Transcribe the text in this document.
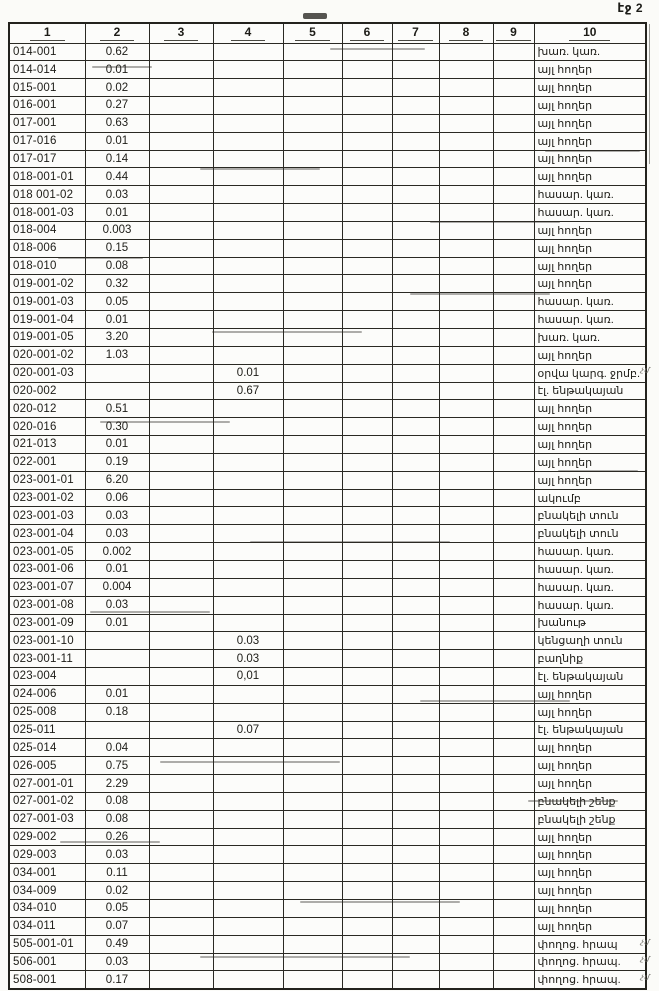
էջ 2
1	2	3	4	5	6	7	8	9	10
014-001	0.62								խառ. կառ.
014-014	0.01								այլ հողեր
015-001	0.02								այլ հողեր
016-001	0.27								այլ հողեր
017-001	0.63								այլ հողեր
017-016	0.01								այլ հողեր
017-017	0.14								այլ հողեր
018-001-01	0.44								այլ հողեր
018 001-02	0.03								հասար. կառ.
018-001-03	0.01								հասար. կառ.
018-004	0.003								այլ հողեր
018-006	0.15								այլ հողեր
018-010	0.08								այլ հողեր
019-001-02	0.32								այլ հողեր
019-001-03	0.05								հասար. կառ.
019-001-04	0.01								հասար. կառ.
019-001-05	3.20								խառ. կառ.
020-001-02	1.03								այլ հողեր
020-001-03			0.01						օրվա կարգ. ջրմբ.
020-002			0.67						էլ. ենթակայան
020-012	0.51								այլ հողեր
020-016	0.30								այլ հողեր
021-013	0.01								այլ հողեր
022-001	0.19								այլ հողեր
023-001-01	6.20								այլ հողեր
023-001-02	0.06								ակումբ
023-001-03	0.03								բնակելի տուն
023-001-04	0.03								բնակելի տուն
023-001-05	0.002								հասար. կառ.
023-001-06	0.01								հասար. կառ.
023-001-07	0.004								հասար. կառ.
023-001-08	0.03								հասար. կառ.
023-001-09	0.01								խանութ
023-001-10			0.03						կենցաղի տուն
023-001-11			0.03						բաղնիք
023-004			0,01						էլ. ենթակայան
024-006	0.01								այլ հողեր
025-008	0.18								այլ հողեր
025-011			0.07						էլ. ենթակայան
025-014	0.04								այլ հողեր
026-005	0.75								այլ հողեր
027-001-01	2.29								այլ հողեր
027-001-02	0.08								բնակելի շենք
027-001-03	0.08								բնակելի շենք
029-002	0.26								այլ հողեր
029-003	0.03								այլ հողեր
034-001	0.11								այլ հողեր
034-009	0.02								այլ հողեր
034-010	0.05								այլ հողեր
034-011	0.07								այլ հողեր
505-001-01	0.49								փողոց. հրապ
506-001	0.03								փողոց. հրապ.
508-001	0.17								փողոց. հրապ.
չմ
չմ
չմ
չմ
